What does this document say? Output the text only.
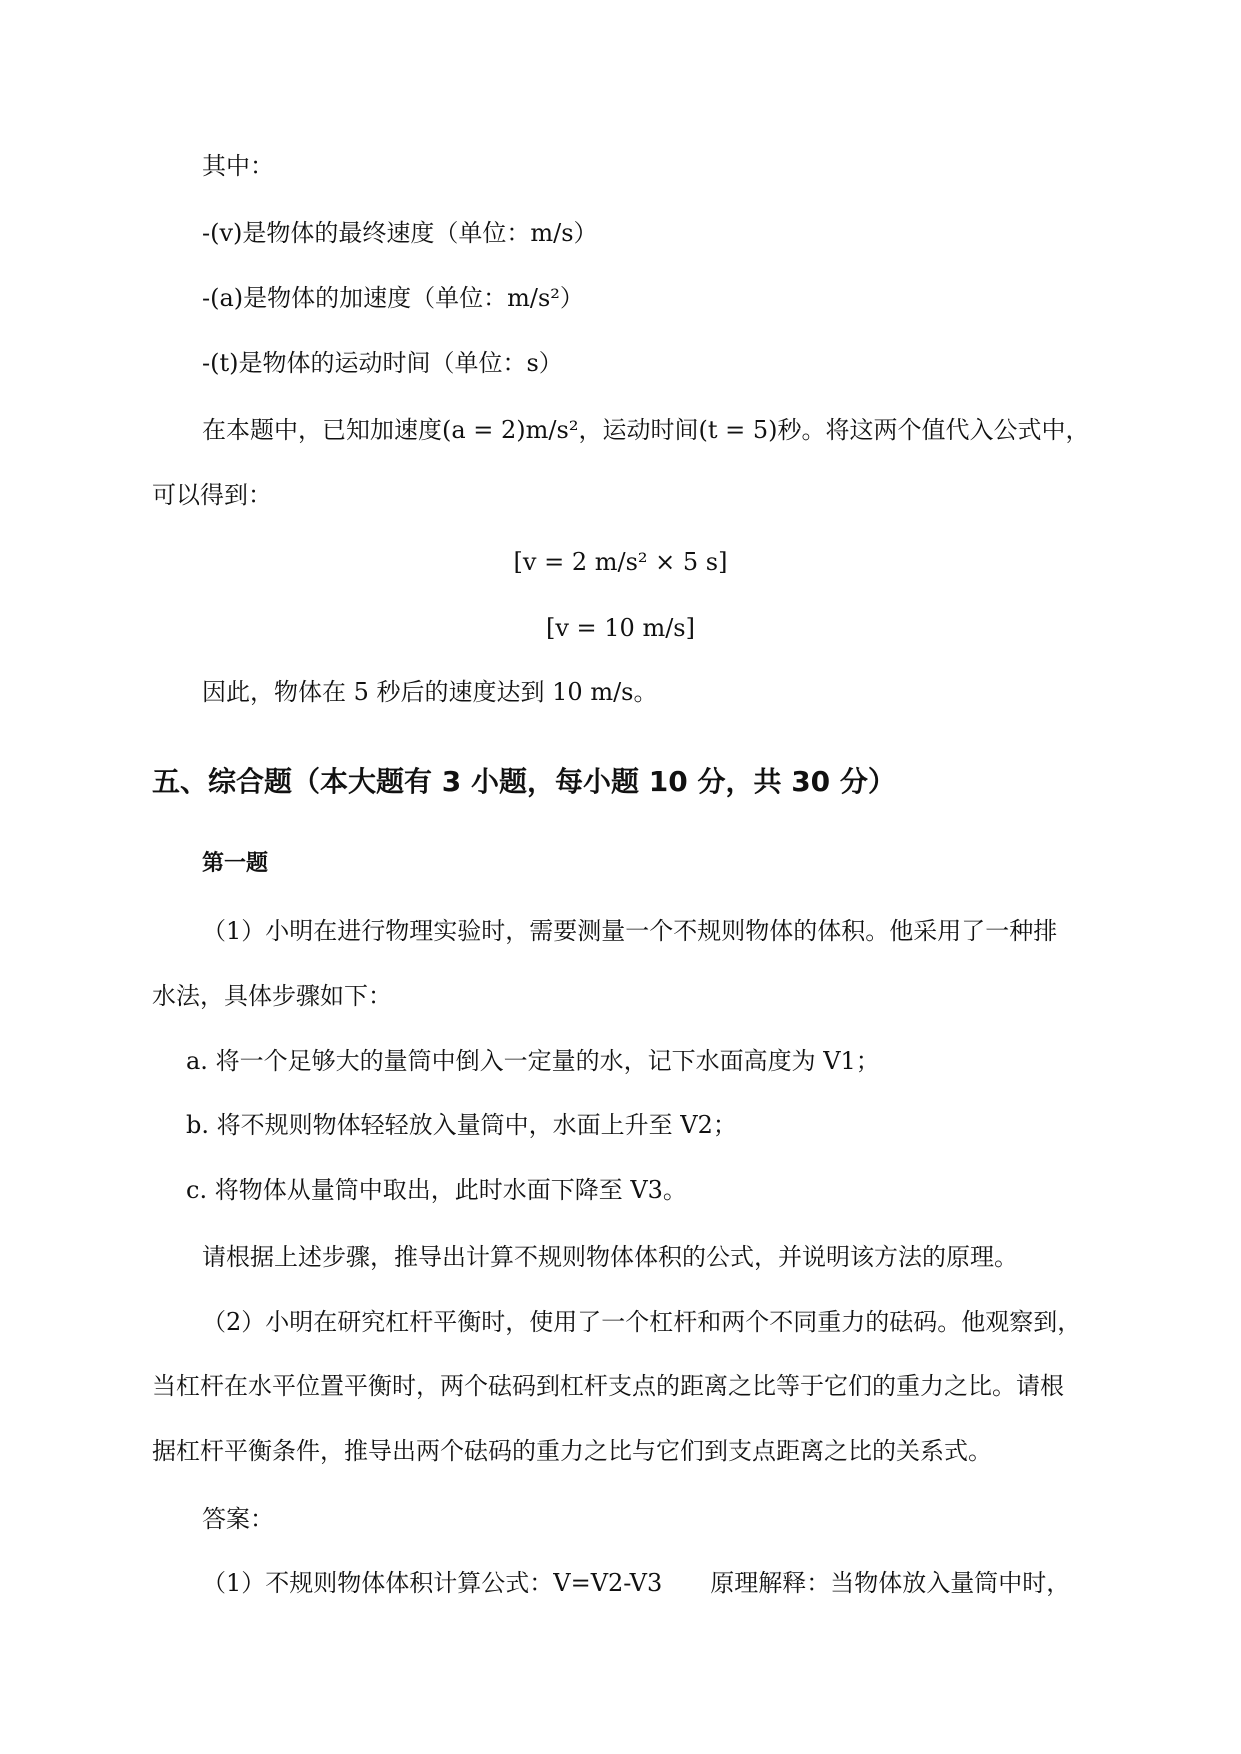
其中：
-(v)是物体的最终速度（单位：m/s）
-(a)是物体的加速度（单位：m/s²）
-(t)是物体的运动时间（单位：s）
在本题中，已知加速度(a = 2)m/s²，运动时间(t = 5)秒。将这两个值代入公式中，
可以得到：
[v = 2 m/s² × 5 s]
[v = 10 m/s]
因此，物体在 5 秒后的速度达到 10 m/s。
五、综合题（本大题有 3 小题，每小题 10 分，共 30 分）
第一题
（1）小明在进行物理实验时，需要测量一个不规则物体的体积。他采用了一种排
水法，具体步骤如下：
a. 将一个足够大的量筒中倒入一定量的水，记下水面高度为 V1；
b. 将不规则物体轻轻放入量筒中，水面上升至 V2；
c. 将物体从量筒中取出，此时水面下降至 V3。
请根据上述步骤，推导出计算不规则物体体积的公式，并说明该方法的原理。
（2）小明在研究杠杆平衡时，使用了一个杠杆和两个不同重力的砝码。他观察到，
当杠杆在水平位置平衡时，两个砝码到杠杆支点的距离之比等于它们的重力之比。请根
据杠杆平衡条件，推导出两个砝码的重力之比与它们到支点距离之比的关系式。
答案：
（1）不规则物体体积计算公式：V=V2-V3　　原理解释：当物体放入量筒中时，
